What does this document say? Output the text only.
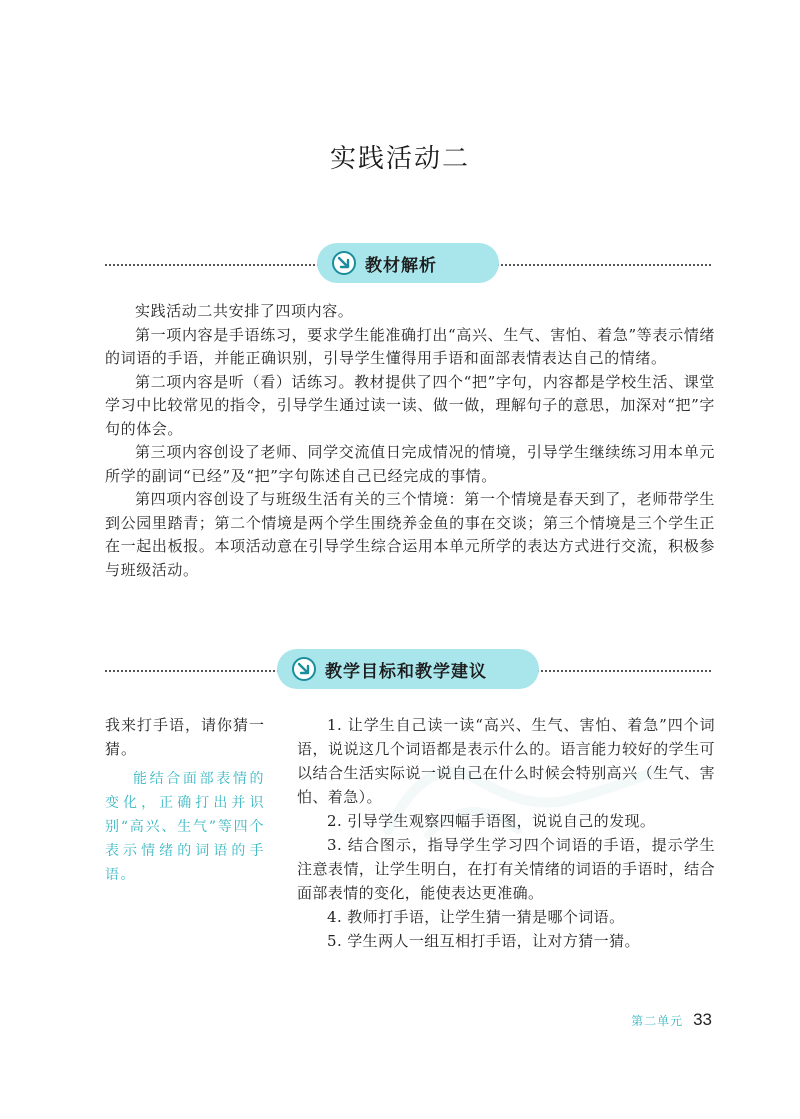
实践活动二
教材解析

实践活动二共安排了四项内容。

第一项内容是手语练习，要求学生能准确打出“高兴、生气、害怕、着急”等表示情绪的词语的手语，并能正确识别，引导学生懂得用手语和面部表情表达自己的情绪。

第二项内容是听（看）话练习。教材提供了四个“把”字句，内容都是学校生活、课堂学习中比较常见的指令，引导学生通过读一读、做一做，理解句子的意思，加深对“把”字句的体会。

第三项内容创设了老师、同学交流值日完成情况的情境，引导学生继续练习用本单元所学的副词“已经”及“把”字句陈述自己已经完成的事情。

第四项内容创设了与班级生活有关的三个情境：第一个情境是春天到了，老师带学生到公园里踏青；第二个情境是两个学生围绕养金鱼的事在交谈；第三个情境是三个学生正在一起出板报。本项活动意在引导学生综合运用本单元所学的表达方式进行交流，积极参与班级活动。

教学目标和教学建议

我来打手语，请你猜一猜。

能结合面部表情的变化，正确打出并识别“高兴、生气”等四个表示情绪的词语的手语。

1. 让学生自己读一读“高兴、生气、害怕、着急”四个词语，说说这几个词语都是表示什么的。语言能力较好的学生可以结合生活实际说一说自己在什么时候会特别高兴（生气、害怕、着急）。

2. 引导学生观察四幅手语图，说说自己的发现。

3. 结合图示，指导学生学习四个词语的手语，提示学生注意表情，让学生明白，在打有关情绪的词语的手语时，结合面部表情的变化，能使表达更准确。

4. 教师打手语，让学生猜一猜是哪个词语。

5. 学生两人一组互相打手语，让对方猜一猜。

第二单元 33
